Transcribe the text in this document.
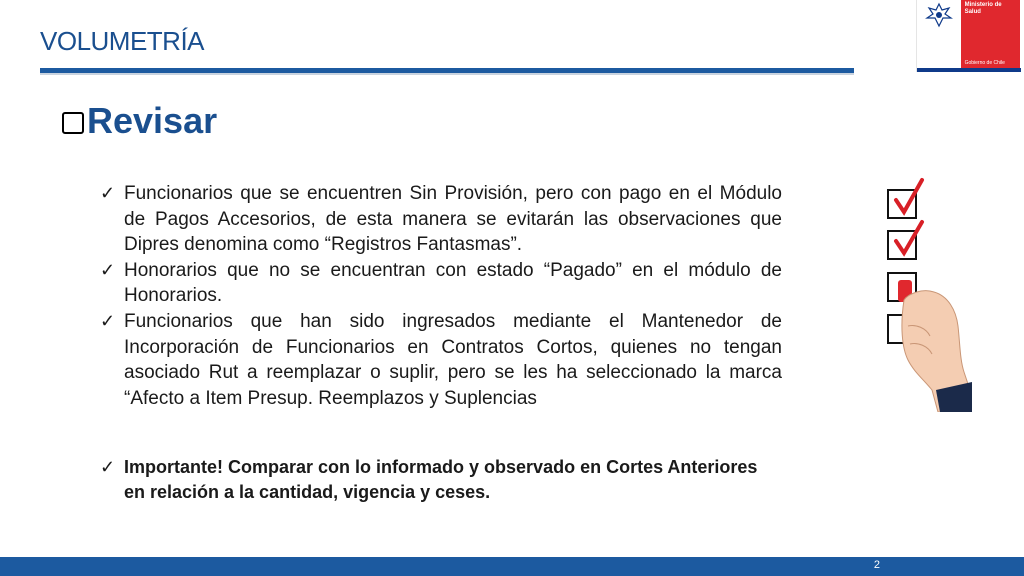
VOLUMETRÍA
Ministerio de
Salud
Gobierno de Chile
Revisar
✓ Funcionarios que se encuentren Sin Provisión, pero con pago en el Módulo de Pagos Accesorios, de esta manera se evitarán las observaciones que Dipres denomina como “Registros Fantasmas”.
✓ Honorarios que no se encuentran con estado “Pagado” en el módulo de Honorarios.
✓ Funcionarios que han sido ingresados mediante el Mantenedor de Incorporación de Funcionarios en Contratos Cortos, quienes no tengan asociado Rut a reemplazar o suplir, pero se les ha seleccionado la marca “Afecto a Item Presup. Reemplazos y Suplencias
✓ Importante! Comparar con lo informado y observado en Cortes Anteriores en relación a la cantidad, vigencia y ceses.
2
